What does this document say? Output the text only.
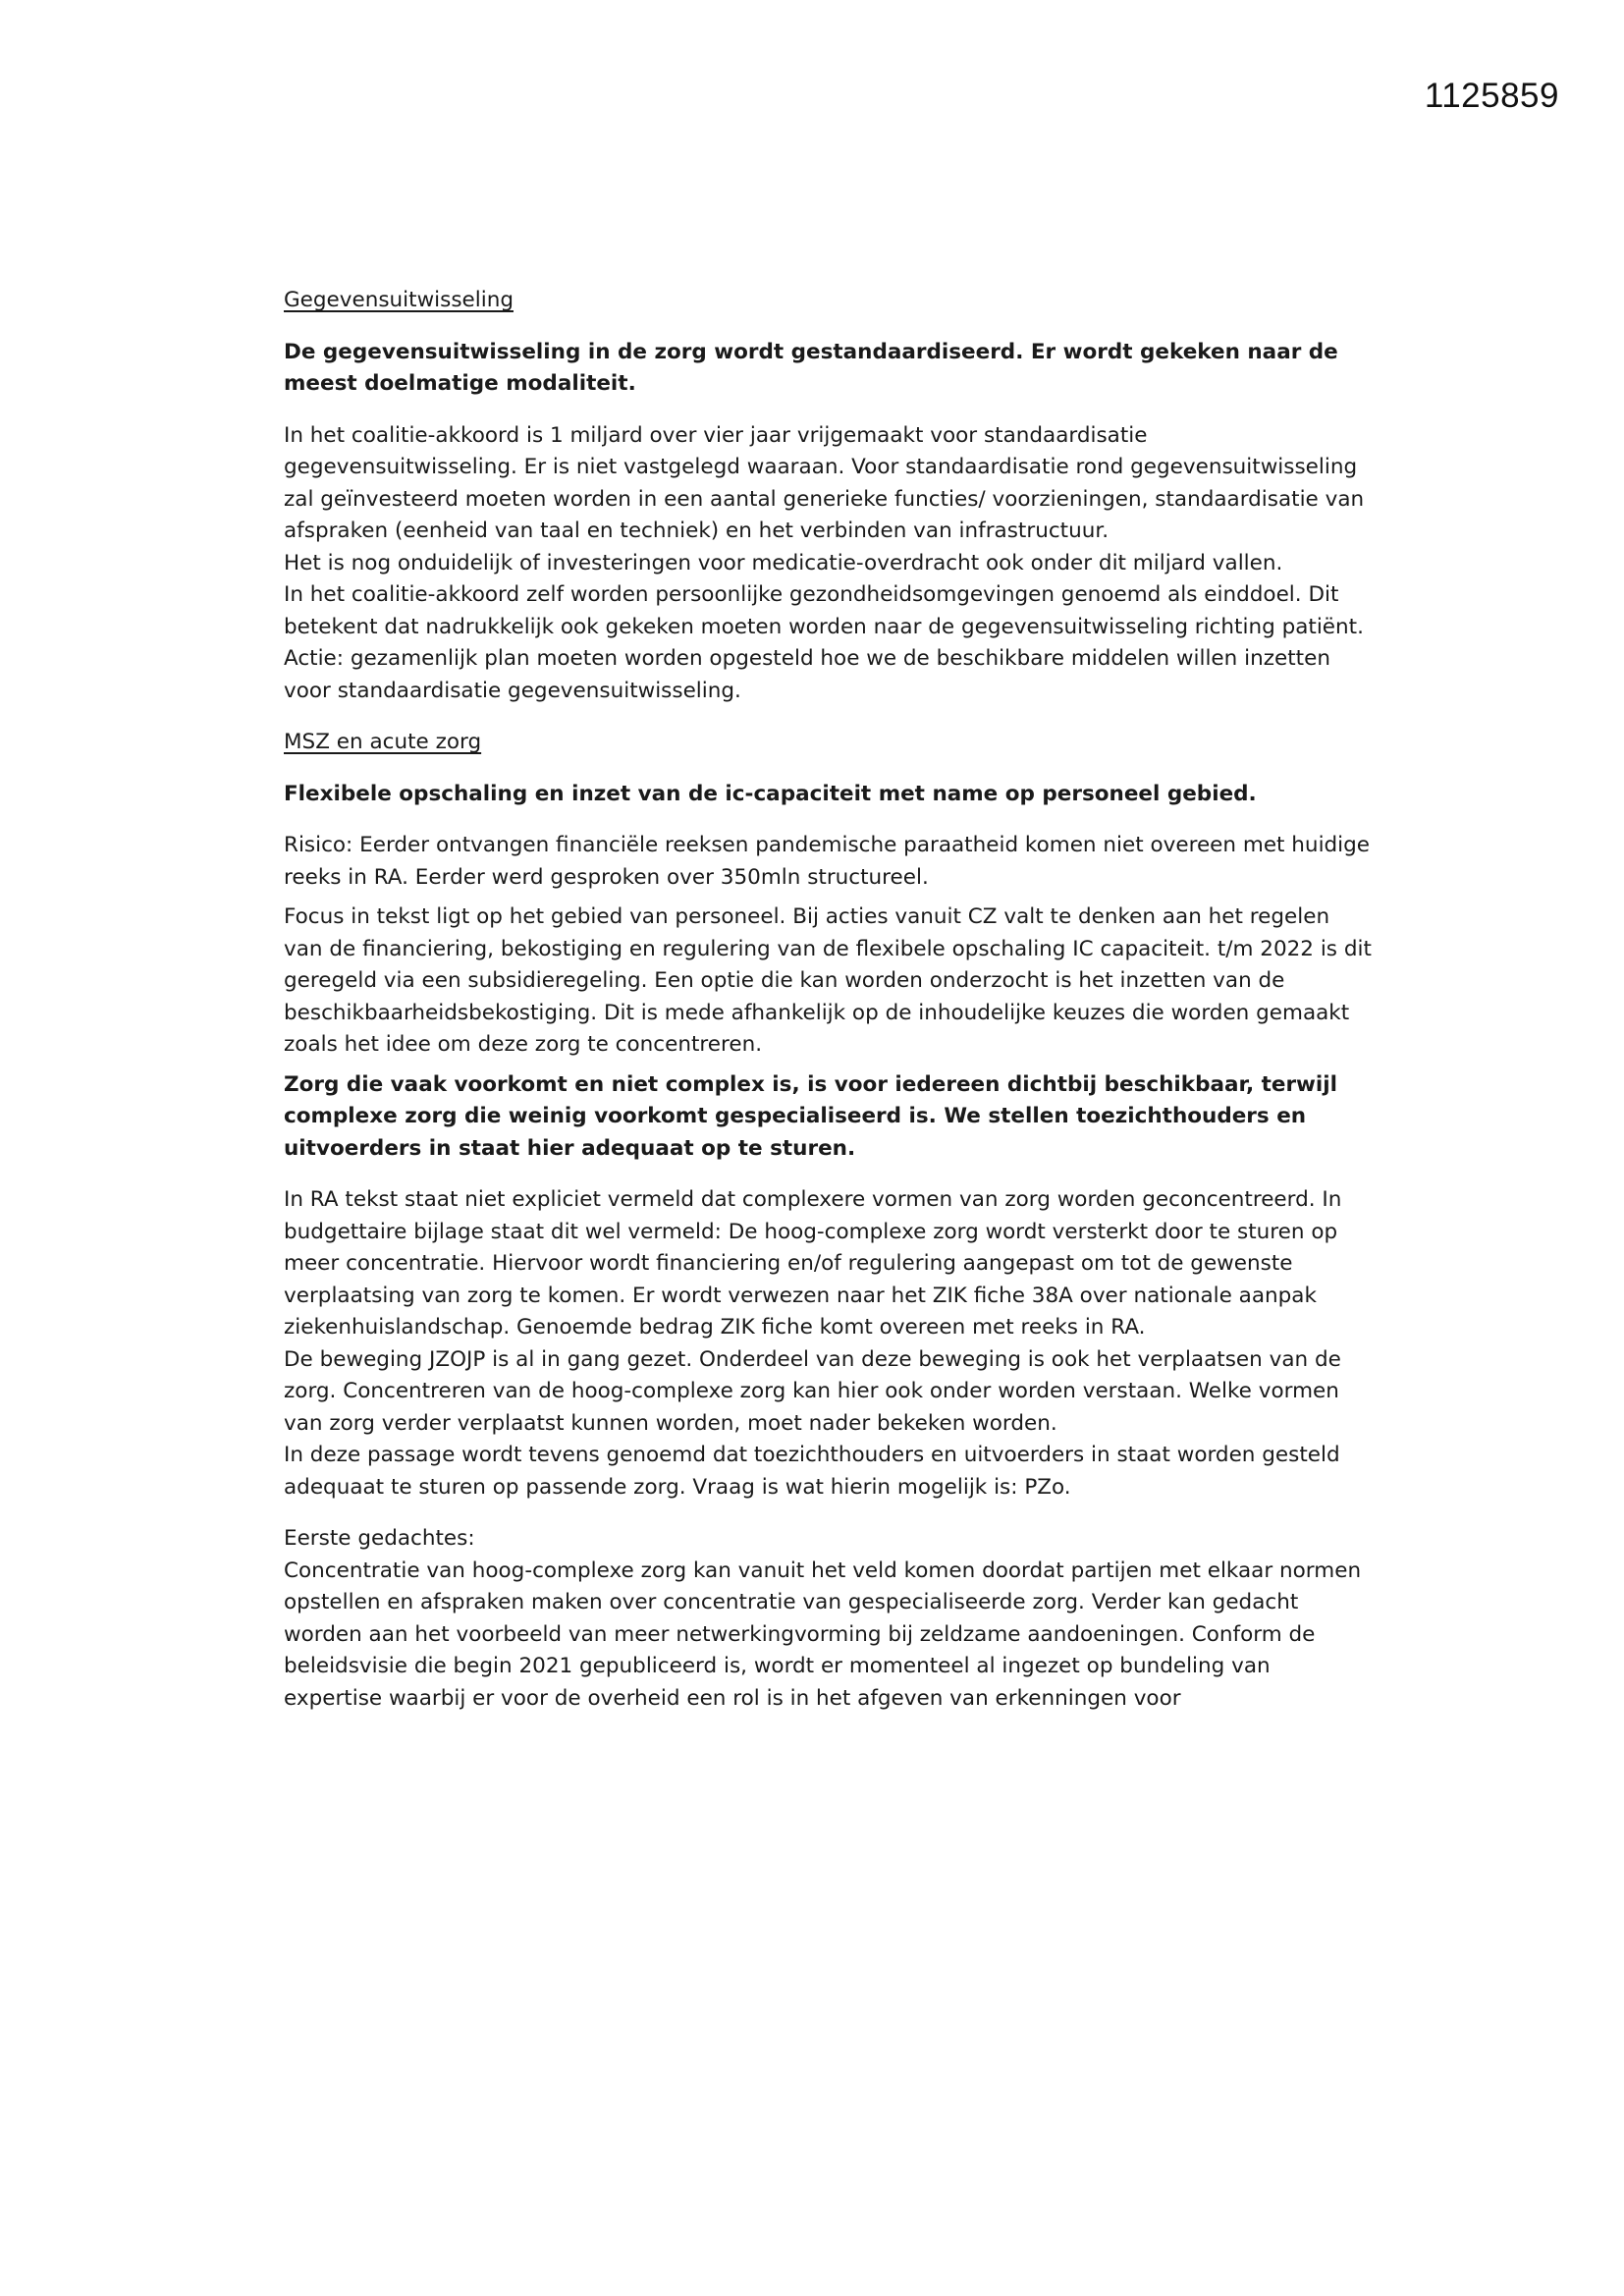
1125859

Gegevensuitwisseling

De gegevensuitwisseling in de zorg wordt gestandaardiseerd. Er wordt gekeken naar de meest doelmatige modaliteit.

In het coalitie-akkoord is 1 miljard over vier jaar vrijgemaakt voor standaardisatie gegevensuitwisseling. Er is niet vastgelegd waaraan. Voor standaardisatie rond gegevensuitwisseling zal geïnvesteerd moeten worden in een aantal generieke functies/ voorzieningen, standaardisatie van afspraken (eenheid van taal en techniek) en het verbinden van infrastructuur.

Het is nog onduidelijk of investeringen voor medicatie-overdracht ook onder dit miljard vallen.

In het coalitie-akkoord zelf worden persoonlijke gezondheidsomgevingen genoemd als einddoel. Dit betekent dat nadrukkelijk ook gekeken moeten worden naar de gegevensuitwisseling richting patiënt.

Actie: gezamenlijk plan moeten worden opgesteld hoe we de beschikbare middelen willen inzetten voor standaardisatie gegevensuitwisseling.

MSZ en acute zorg

Flexibele opschaling en inzet van de ic-capaciteit met name op personeel gebied.

Risico: Eerder ontvangen financiële reeksen pandemische paraatheid komen niet overeen met huidige reeks in RA. Eerder werd gesproken over 350mln structureel.

Focus in tekst ligt op het gebied van personeel. Bij acties vanuit CZ valt te denken aan het regelen van de financiering, bekostiging en regulering van de flexibele opschaling IC capaciteit. t/m 2022 is dit geregeld via een subsidieregeling. Een optie die kan worden onderzocht is het inzetten van de beschikbaarheidsbekostiging. Dit is mede afhankelijk op de inhoudelijke keuzes die worden gemaakt zoals het idee om deze zorg te concentreren.

Zorg die vaak voorkomt en niet complex is, is voor iedereen dichtbij beschikbaar, terwijl complexe zorg die weinig voorkomt gespecialiseerd is. We stellen toezichthouders en uitvoerders in staat hier adequaat op te sturen.

In RA tekst staat niet expliciet vermeld dat complexere vormen van zorg worden geconcentreerd. In budgettaire bijlage staat dit wel vermeld: De hoog-complexe zorg wordt versterkt door te sturen op meer concentratie. Hiervoor wordt financiering en/of regulering aangepast om tot de gewenste verplaatsing van zorg te komen. Er wordt verwezen naar het ZIK fiche 38A over nationale aanpak ziekenhuislandschap. Genoemde bedrag ZIK fiche komt overeen met reeks in RA.

De beweging JZOJP is al in gang gezet. Onderdeel van deze beweging is ook het verplaatsen van de zorg. Concentreren van de hoog-complexe zorg kan hier ook onder worden verstaan. Welke vormen van zorg verder verplaatst kunnen worden, moet nader bekeken worden.

In deze passage wordt tevens genoemd dat toezichthouders en uitvoerders in staat worden gesteld adequaat te sturen op passende zorg. Vraag is wat hierin mogelijk is: PZo.

Eerste gedachtes:

Concentratie van hoog-complexe zorg kan vanuit het veld komen doordat partijen met elkaar normen opstellen en afspraken maken over concentratie van gespecialiseerde zorg. Verder kan gedacht worden aan het voorbeeld van meer netwerkingvorming bij zeldzame aandoeningen. Conform de beleidsvisie die begin 2021 gepubliceerd is, wordt er momenteel al ingezet op bundeling van expertise waarbij er voor de overheid een rol is in het afgeven van erkenningen voor
